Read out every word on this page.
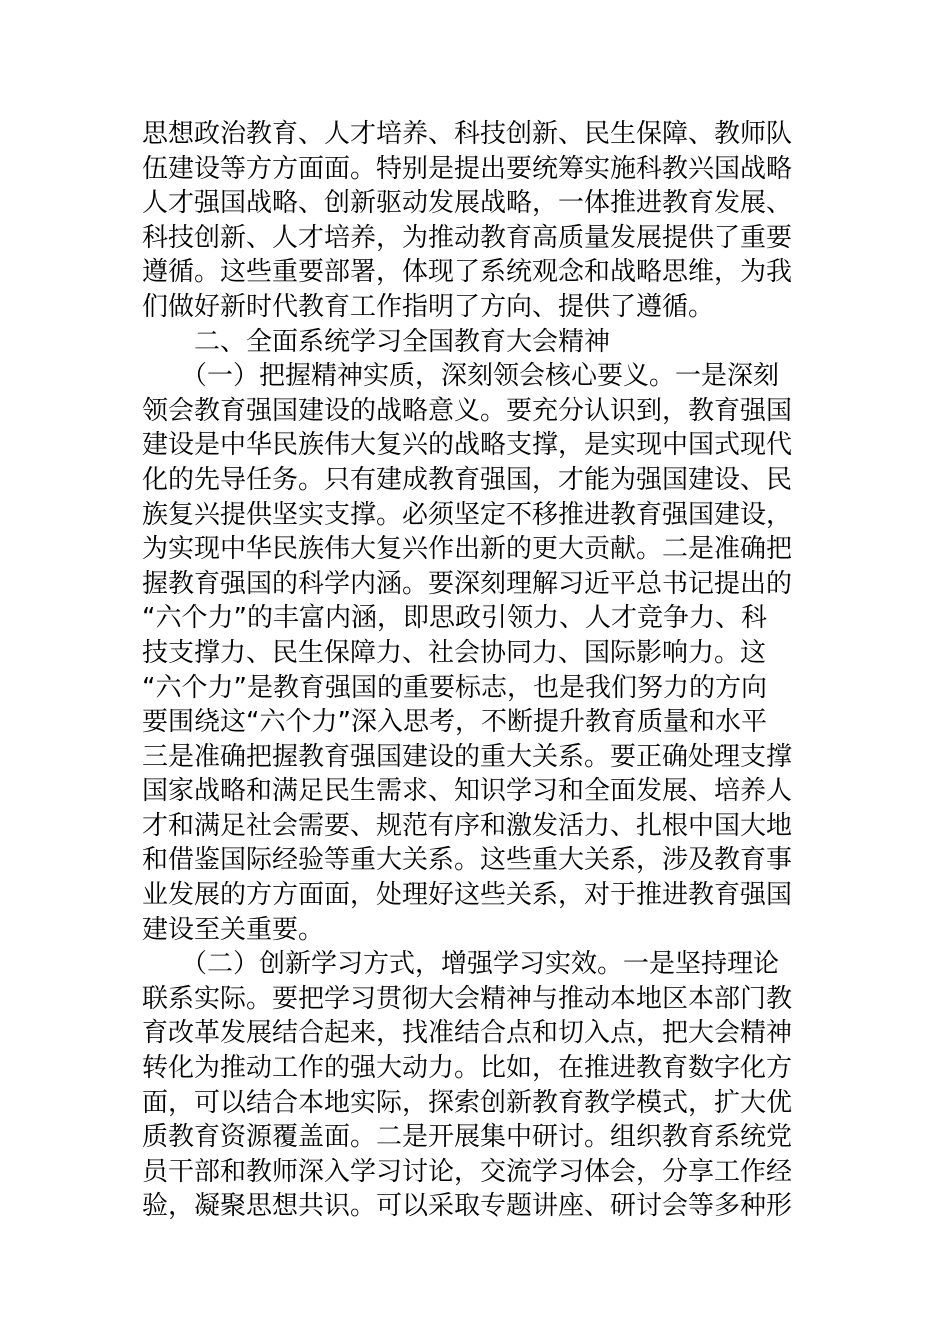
思想政治教育、人才培养、科技创新、民生保障、教师队
伍建设等方方面面。特别是提出要统筹实施科教兴国战略
人才强国战略、创新驱动发展战略，一体推进教育发展、
科技创新、人才培养，为推动教育高质量发展提供了重要
遵循。这些重要部署，体现了系统观念和战略思维，为我
们做好新时代教育工作指明了方向、提供了遵循。
　　二、全面系统学习全国教育大会精神
　　（一）把握精神实质，深刻领会核心要义。一是深刻
领会教育强国建设的战略意义。要充分认识到，教育强国
建设是中华民族伟大复兴的战略支撑，是实现中国式现代
化的先导任务。只有建成教育强国，才能为强国建设、民
族复兴提供坚实支撑。必须坚定不移推进教育强国建设，
为实现中华民族伟大复兴作出新的更大贡献。二是准确把
握教育强国的科学内涵。要深刻理解习近平总书记提出的
“六个力”的丰富内涵，即思政引领力、人才竞争力、科
技支撑力、民生保障力、社会协同力、国际影响力。这
“六个力”是教育强国的重要标志，也是我们努力的方向
要围绕这“六个力”深入思考，不断提升教育质量和水平
三是准确把握教育强国建设的重大关系。要正确处理支撑
国家战略和满足民生需求、知识学习和全面发展、培养人
才和满足社会需要、规范有序和激发活力、扎根中国大地
和借鉴国际经验等重大关系。这些重大关系，涉及教育事
业发展的方方面面，处理好这些关系，对于推进教育强国
建设至关重要。
　　（二）创新学习方式，增强学习实效。一是坚持理论
联系实际。要把学习贯彻大会精神与推动本地区本部门教
育改革发展结合起来，找准结合点和切入点，把大会精神
转化为推动工作的强大动力。比如，在推进教育数字化方
面，可以结合本地实际，探索创新教育教学模式，扩大优
质教育资源覆盖面。二是开展集中研讨。组织教育系统党
员干部和教师深入学习讨论，交流学习体会，分享工作经
验，凝聚思想共识。可以采取专题讲座、研讨会等多种形
